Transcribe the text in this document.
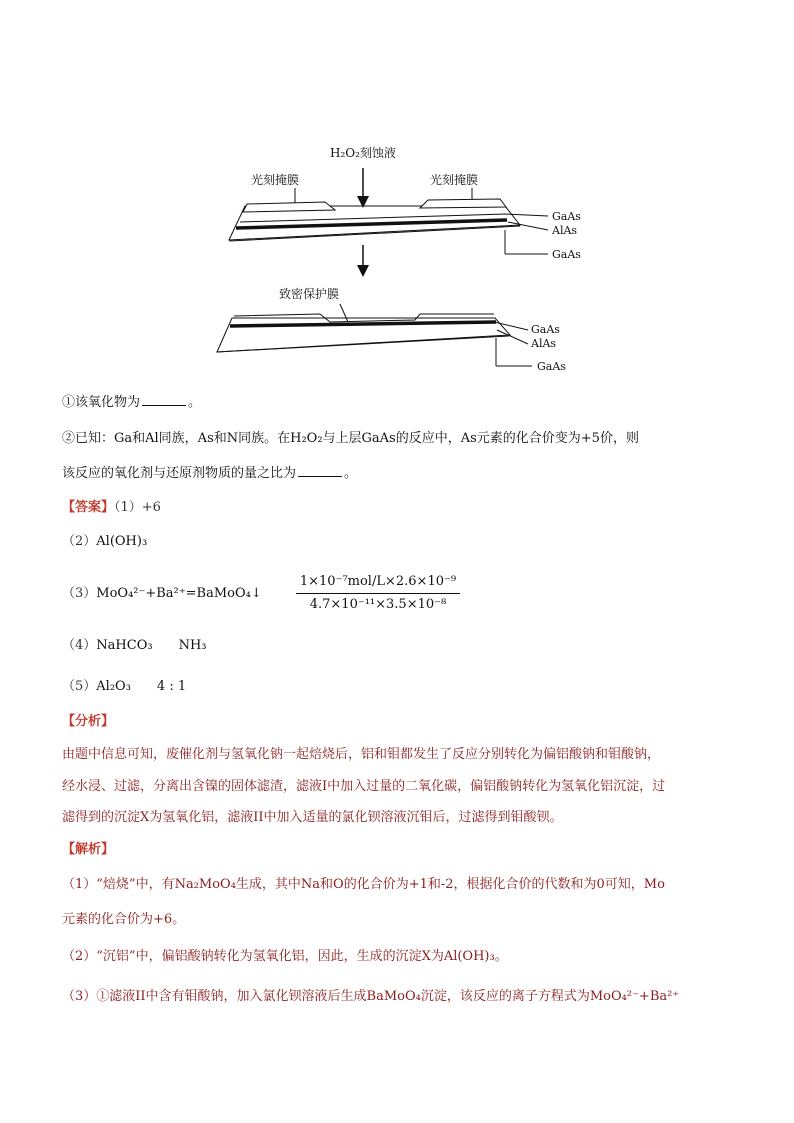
H₂O₂刻蚀液
光刻掩膜	光刻掩膜
GaAs
AlAs
GaAs
致密保护膜
GaAs
AlAs
GaAs
①该氧化物为	。
②已知：Ga和Al同族，As和N同族。在H₂O₂与上层GaAs的反应中，As元素的化合价变为+5价，则
该反应的氧化剂与还原剂物质的量之比为	。
【答案】（1）+6
（2）Al(OH)₃
（3）MoO₄²⁻+Ba²⁺=BaMoO₄↓	$\frac{\text{1×10⁻⁷mol/L×2.6×10⁻⁹}}{\text{4.7×10⁻¹¹×3.5×10⁻⁸}}$
（4）NaHCO₃ NH₃
（5）Al₂O₃ 4 : 1
【分析】
由题中信息可知，废催化剂与氢氧化钠一起焙烧后，铝和钼都发生了反应分别转化为偏铝酸钠和钼酸钠，
经水浸、过滤，分离出含镍的固体滤渣，滤液I中加入过量的二氧化碳，偏铝酸钠转化为氢氧化铝沉淀，过
滤得到的沉淀X为氢氧化铝，滤液II中加入适量的氯化钡溶液沉钼后，过滤得到钼酸钡。
【解析】
（1）“焙烧”中，有Na₂MoO₄生成，其中Na和O的化合价为+1和-2，根据化合价的代数和为0可知，Mo
元素的化合价为+6。
（2）“沉铝”中，偏铝酸钠转化为氢氧化铝，因此，生成的沉淀X为Al(OH)₃。
（3）①滤液II中含有钼酸钠，加入氯化钡溶液后生成BaMoO₄沉淀，该反应的离子方程式为MoO₄²⁻+Ba²⁺
